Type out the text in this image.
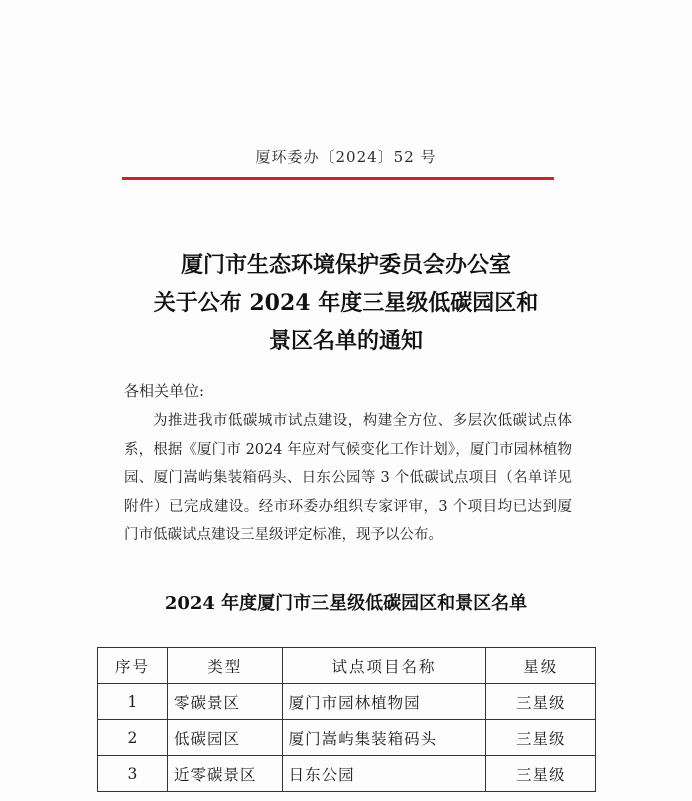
厦环委办〔2024〕52 号
厦门市生态环境保护委员会办公室
关于公布 2024 年度三星级低碳园区和
景区名单的通知
各相关单位:
为推进我市低碳城市试点建设，构建全方位、多层次低碳试点体系，根据《厦门市 2024 年应对气候变化工作计划》，厦门市园林植物园、厦门嵩屿集装箱码头、日东公园等 3 个低碳试点项目（名单详见附件）已完成建设。经市环委办组织专家评审，3 个项目均已达到厦门市低碳试点建设三星级评定标准，现予以公布。
2024 年度厦门市三星级低碳园区和景区名单
序号	类型	试点项目名称	星级
1	零碳景区	厦门市园林植物园	三星级
2	低碳园区	厦门嵩屿集装箱码头	三星级
3	近零碳景区	日东公园	三星级
